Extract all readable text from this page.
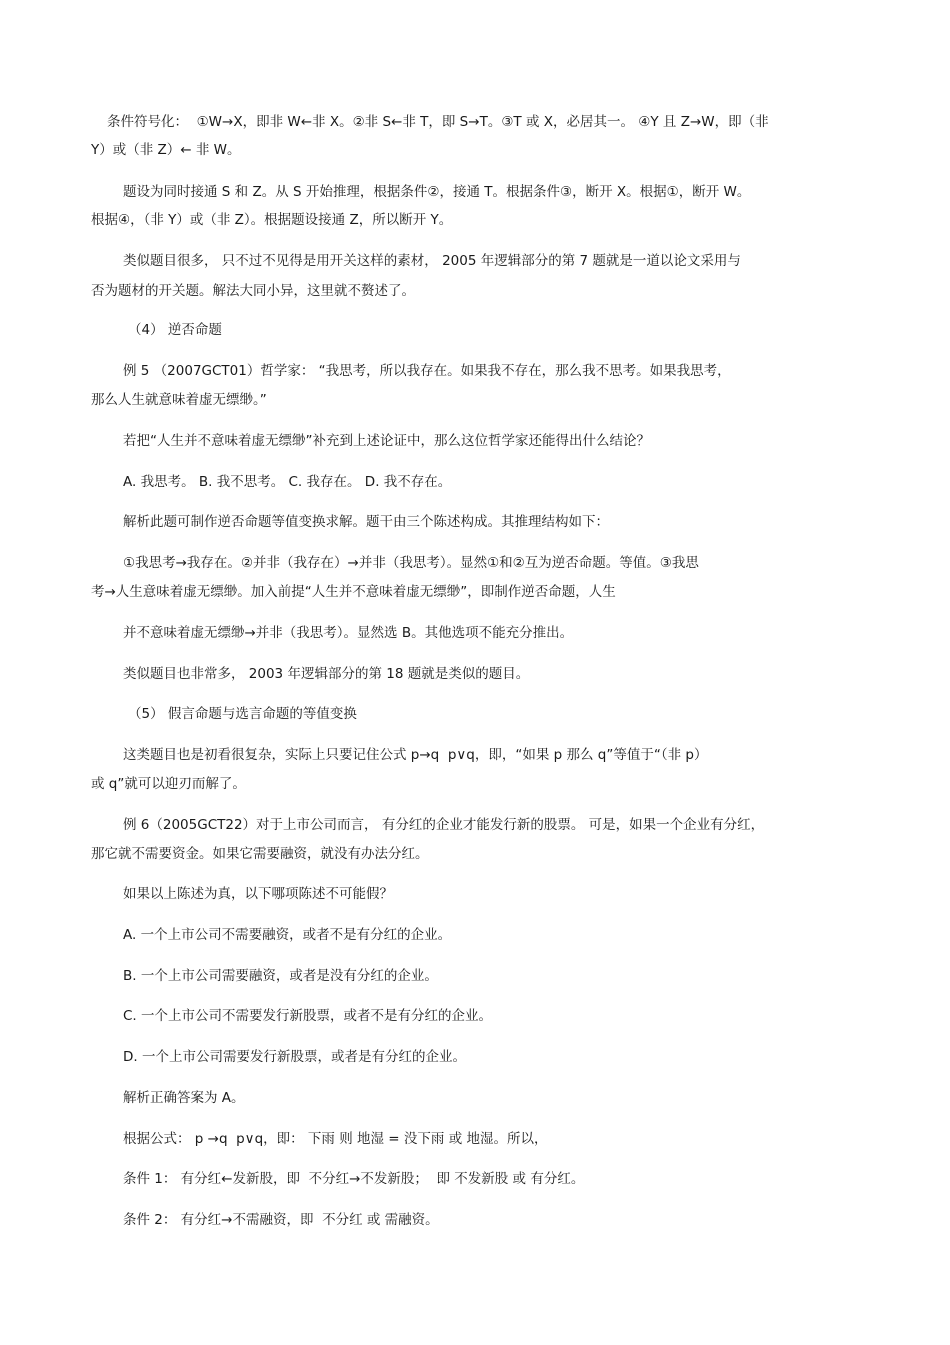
条件符号化：  ①W→X，即非 W←非 X。②非 S←非 T，即 S→T。③T 或 X，必居其一。 ④Y 且 Z→W，即（非
Y）或（非 Z）← 非 W。
题设为同时接通 S 和 Z。从 S 开始推理，根据条件②，接通 T。根据条件③，断开 X。根据①，断开 W。
根据④，（非 Y）或（非 Z）。根据题设接通 Z，所以断开 Y。
类似题目很多， 只不过不见得是用开关这样的素材， 2005 年逻辑部分的第 7 题就是一道以论文采用与
否为题材的开关题。解法大同小异，这里就不赘述了。
（4） 逆否命题
例 5 （2007GCT01）哲学家： “我思考，所以我存在。如果我不存在，那么我不思考。如果我思考，
那么人生就意味着虚无缥缈。”
若把“人生并不意味着虚无缥缈”补充到上述论证中，那么这位哲学家还能得出什么结论？
A. 我思考。 B. 我不思考。 C. 我存在。 D. 我不存在。
解析此题可制作逆否命题等值变换求解。题干由三个陈述构成。其推理结构如下：
①我思考→我存在。②并非（我存在）→并非（我思考）。显然①和②互为逆否命题。等值。③我思
考→人生意味着虚无缥缈。加入前提“人生并不意味着虚无缥缈”，即制作逆否命题，人生
并不意味着虚无缥缈→并非（我思考）。显然选 B。其他选项不能充分推出。
类似题目也非常多， 2003 年逻辑部分的第 18 题就是类似的题目。
（5） 假言命题与选言命题的等值变换
这类题目也是初看很复杂，实际上只要记住公式 p→q  p∨q，即，“如果 p 那么 q”等值于“（非 p）
或 q”就可以迎刃而解了。
例 6（2005GCT22）对于上市公司而言， 有分红的企业才能发行新的股票。 可是，如果一个企业有分红，
那它就不需要资金。如果它需要融资，就没有办法分红。
如果以上陈述为真，以下哪项陈述不可能假？
A. 一个上市公司不需要融资，或者不是有分红的企业。
B. 一个上市公司需要融资，或者是没有分红的企业。
C. 一个上市公司不需要发行新股票，或者不是有分红的企业。
D. 一个上市公司需要发行新股票，或者是有分红的企业。
解析正确答案为 A。
根据公式： p →q  p∨q，即： 下雨 则 地湿 = 没下雨 或 地湿。所以，
条件 1： 有分红←发新股，即  不分红→不发新股；  即 不发新股 或 有分红。
条件 2： 有分红→不需融资，即  不分红 或 需融资。
